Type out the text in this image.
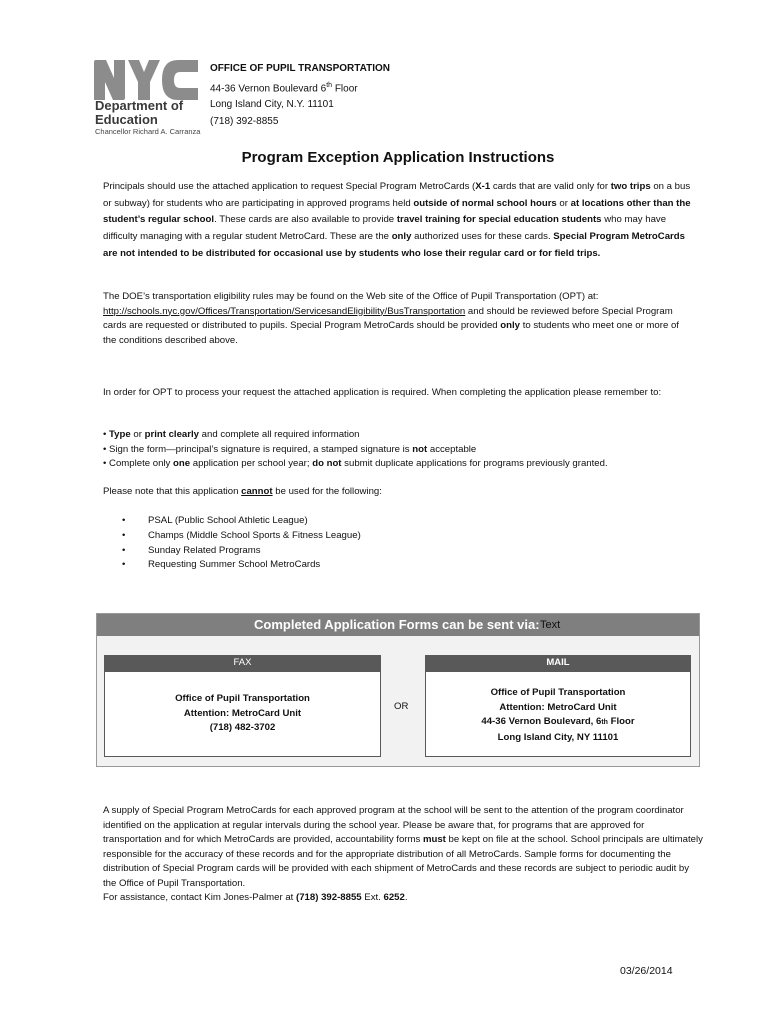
Department of
Education
Chancellor Richard A. Carranza
OFFICE OF PUPIL TRANSPORTATION
44-36 Vernon Boulevard 6th Floor
Long Island City, N.Y. 11101
(718) 392-8855
Program Exception Application Instructions
Principals should use the attached application to request Special Program MetroCards (X-1 cards that are valid only for two trips on a bus or subway) for students who are participating in approved programs held outside of normal school hours or at locations other than the student’s regular school. These cards are also available to provide travel training for special education students who may have difficulty managing with a regular student MetroCard. These are the only authorized uses for these cards. Special Program MetroCards are not intended to be distributed for occasional use by students who lose their regular card or for field trips.
The DOE’s transportation eligibility rules may be found on the Web site of the Office of Pupil Transportation (OPT) at: http://schools.nyc.gov/Offices/Transportation/ServicesandEligibility/BusTransportation and should be reviewed before Special Program cards are requested or distributed to pupils. Special Program MetroCards should be provided only to students who meet one or more of the conditions described above.
In order for OPT to process your request the attached application is required. When completing the application please remember to:
• Type or print clearly and complete all required information
• Sign the form—principal’s signature is required, a stamped signature is not acceptable
• Complete only one application per school year; do not submit duplicate applications for programs previously granted.
Please note that this application cannot be used for the following:
• PSAL (Public School Athletic League)
• Champs (Middle School Sports & Fitness League)
• Sunday Related Programs
• Requesting Summer School MetroCards
Completed Application Forms can be sent via: Text
FAX
Office of Pupil Transportation
Attention: MetroCard Unit
(718) 482-3702
OR
MAIL
Office of Pupil Transportation
Attention: MetroCard Unit
44-36 Vernon Boulevard, 6th Floor
Long Island City, NY 11101
A supply of Special Program MetroCards for each approved program at the school will be sent to the attention of the program coordinator identified on the application at regular intervals during the school year. Please be aware that, for programs that are approved for transportation and for which MetroCards are provided, accountability forms must be kept on file at the school. School principals are ultimately responsible for the accuracy of these records and for the appropriate distribution of all MetroCards. Sample forms for documenting the distribution of Special Program cards will be provided with each shipment of MetroCards and these records are subject to periodic audit by the Office of Pupil Transportation.
For assistance, contact Kim Jones-Palmer at (718) 392-8855 Ext. 6252.
03/26/2014
